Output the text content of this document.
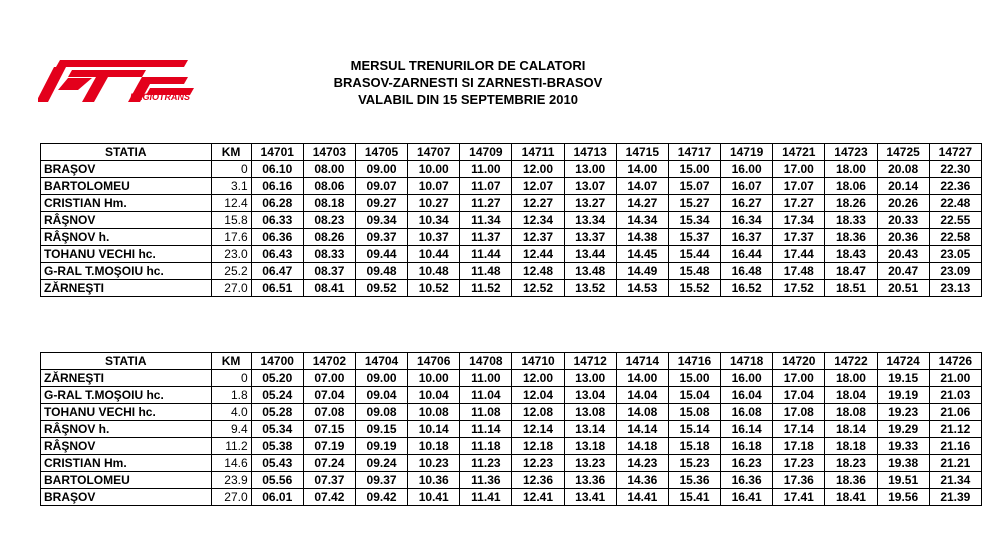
REGIOTRANS
MERSUL TRENURILOR DE CALATORI
BRASOV-ZARNESTI SI ZARNESTI-BRASOV
VALABIL DIN 15 SEPTEMBRIE 2010
STATIA	KM	14701	14703	14705	14707	14709	14711	14713	14715	14717	14719	14721	14723	14725	14727
BRAŞOV	0	06.10	08.00	09.00	10.00	11.00	12.00	13.00	14.00	15.00	16.00	17.00	18.00	20.08	22.30
BARTOLOMEU	3.1	06.16	08.06	09.07	10.07	11.07	12.07	13.07	14.07	15.07	16.07	17.07	18.06	20.14	22.36
CRISTIAN Hm.	12.4	06.28	08.18	09.27	10.27	11.27	12.27	13.27	14.27	15.27	16.27	17.27	18.26	20.26	22.48
RÂŞNOV	15.8	06.33	08.23	09.34	10.34	11.34	12.34	13.34	14.34	15.34	16.34	17.34	18.33	20.33	22.55
RÂŞNOV h.	17.6	06.36	08.26	09.37	10.37	11.37	12.37	13.37	14.38	15.37	16.37	17.37	18.36	20.36	22.58
TOHANU VECHI hc.	23.0	06.43	08.33	09.44	10.44	11.44	12.44	13.44	14.45	15.44	16.44	17.44	18.43	20.43	23.05
G-RAL T.MOŞOIU hc.	25.2	06.47	08.37	09.48	10.48	11.48	12.48	13.48	14.49	15.48	16.48	17.48	18.47	20.47	23.09
ZĂRNEŞTI	27.0	06.51	08.41	09.52	10.52	11.52	12.52	13.52	14.53	15.52	16.52	17.52	18.51	20.51	23.13
STATIA	KM	14700	14702	14704	14706	14708	14710	14712	14714	14716	14718	14720	14722	14724	14726
ZĂRNEŞTI	0	05.20	07.00	09.00	10.00	11.00	12.00	13.00	14.00	15.00	16.00	17.00	18.00	19.15	21.00
G-RAL T.MOŞOIU hc.	1.8	05.24	07.04	09.04	10.04	11.04	12.04	13.04	14.04	15.04	16.04	17.04	18.04	19.19	21.03
TOHANU VECHI hc.	4.0	05.28	07.08	09.08	10.08	11.08	12.08	13.08	14.08	15.08	16.08	17.08	18.08	19.23	21.06
RÂŞNOV h.	9.4	05.34	07.15	09.15	10.14	11.14	12.14	13.14	14.14	15.14	16.14	17.14	18.14	19.29	21.12
RÂŞNOV	11.2	05.38	07.19	09.19	10.18	11.18	12.18	13.18	14.18	15.18	16.18	17.18	18.18	19.33	21.16
CRISTIAN Hm.	14.6	05.43	07.24	09.24	10.23	11.23	12.23	13.23	14.23	15.23	16.23	17.23	18.23	19.38	21.21
BARTOLOMEU	23.9	05.56	07.37	09.37	10.36	11.36	12.36	13.36	14.36	15.36	16.36	17.36	18.36	19.51	21.34
BRAŞOV	27.0	06.01	07.42	09.42	10.41	11.41	12.41	13.41	14.41	15.41	16.41	17.41	18.41	19.56	21.39
